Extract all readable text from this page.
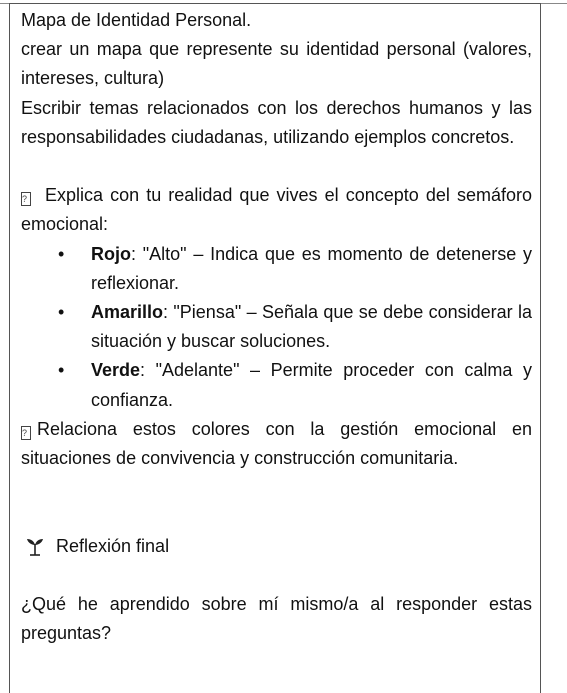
Mapa de Identidad Personal.
crear un mapa que represente su identidad personal (valores, intereses, cultura)
Escribir temas relacionados con los derechos humanos y las responsabilidades ciudadanas, utilizando ejemplos concretos.
? Explica con tu realidad que vives el concepto del semáforo emocional:
•	Rojo: "Alto" – Indica que es momento de detenerse y reflexionar.
•	Amarillo: "Piensa" – Señala que se debe considerar la situación y buscar soluciones.
•	Verde: "Adelante" – Permite proceder con calma y confianza.
? Relaciona estos colores con la gestión emocional en situaciones de convivencia y construcción comunitaria.
Reflexión final
¿Qué he aprendido sobre mí mismo/a al responder estas preguntas?
